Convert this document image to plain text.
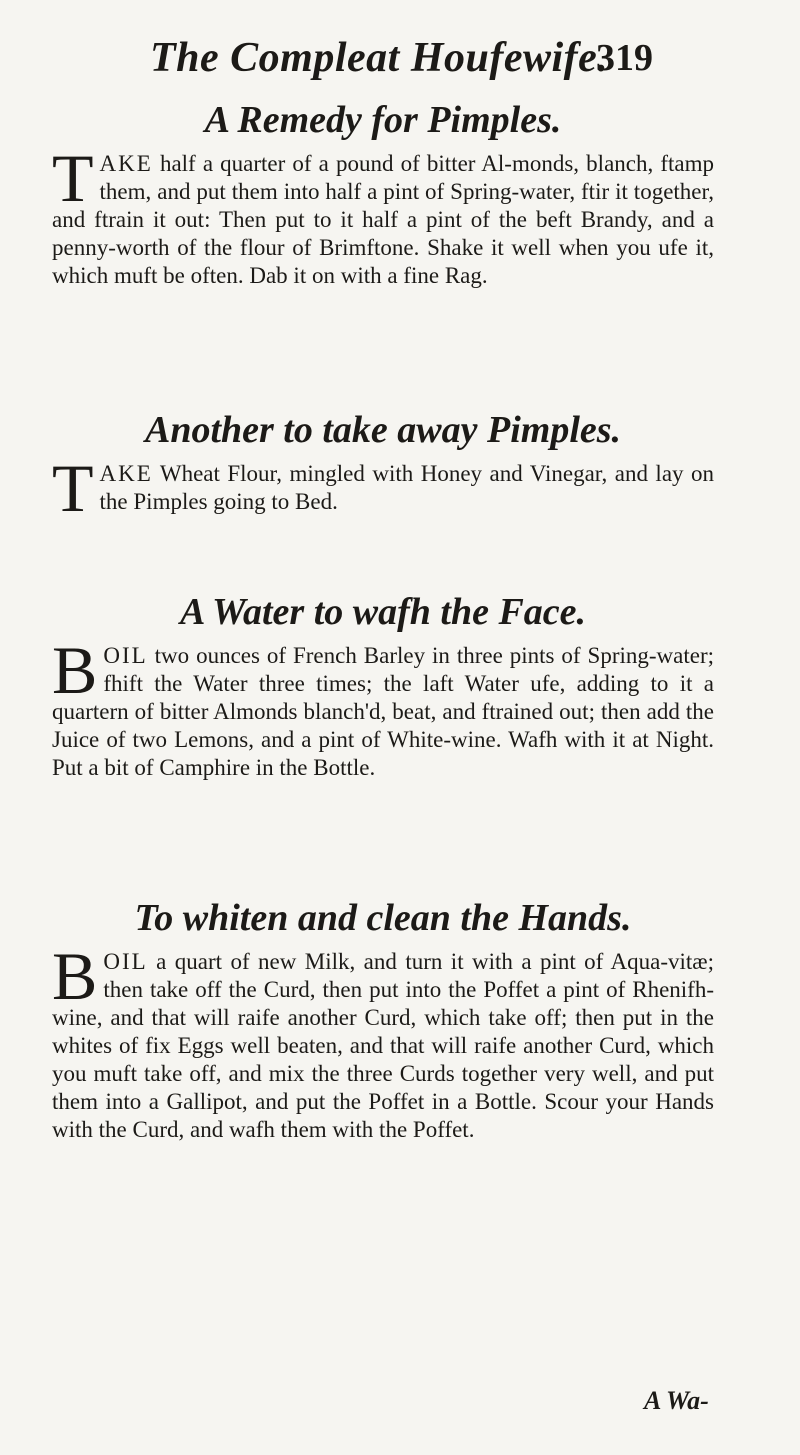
The Compleat Houfewife.
319
A Remedy for Pimples.

TAKE half a quarter of a pound of bitter Al-monds, blanch, ftamp them, and put them into half a pint of Spring-water, ftir it together, and ftrain it out: Then put to it half a pint of the beft Brandy, and a penny-worth of the flour of Brimftone. Shake it well when you ufe it, which muft be often. Dab it on with a fine Rag.

Another to take away Pimples.

TAKE Wheat Flour, mingled with Honey and Vinegar, and lay on the Pimples going to Bed.

A Water to wafh the Face.

BOIL two ounces of French Barley in three pints of Spring-water; fhift the Water three times; the laft Water ufe, adding to it a quartern of bitter Almonds blanch'd, beat, and ftrained out; then add the Juice of two Lemons, and a pint of White-wine. Wafh with it at Night. Put a bit of Camphire in the Bottle.

To whiten and clean the Hands.

BOIL a quart of new Milk, and turn it with a pint of Aqua-vitæ; then take off the Curd, then put into the Poffet a pint of Rhenifh-wine, and that will raife another Curd, which take off; then put in the whites of fix Eggs well beaten, and that will raife another Curd, which you muft take off, and mix the three Curds together very well, and put them into a Gallipot, and put the Poffet in a Bottle. Scour your Hands with the Curd, and wafh them with the Poffet.

A Wa-
